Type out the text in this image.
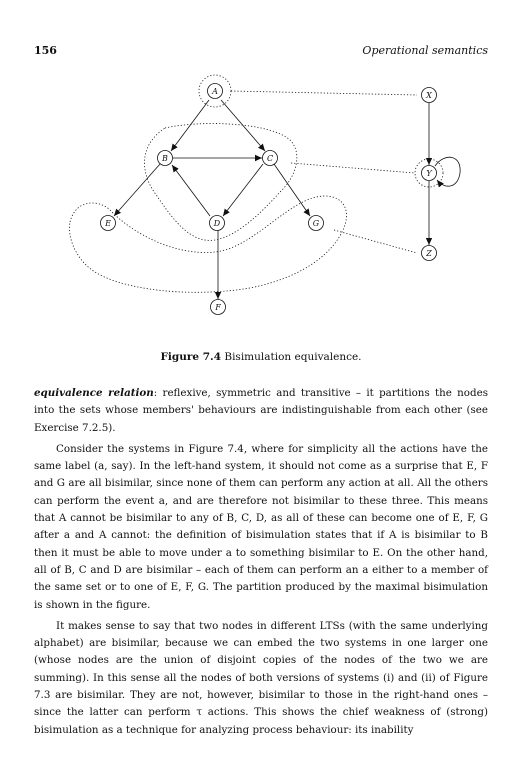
156	Operational semantics
A
B	C
D
E	G
F
X
Y
Z
Figure 7.4 Bisimulation equivalence.

equivalence relation: reflexive, symmetric and transitive – it partitions the nodes into the sets whose members' behaviours are indistinguishable from each other (see Exercise 7.2.5).

Consider the systems in Figure 7.4, where for simplicity all the actions have the same label (a, say). In the left-hand system, it should not come as a surprise that E, F and G are all bisimilar, since none of them can perform any action at all. All the others can perform the event a, and are therefore not bisimilar to these three. This means that A cannot be bisimilar to any of B, C, D, as all of these can become one of E, F, G after a and A cannot: the definition of bisimulation states that if A is bisimilar to B then it must be able to move under a to something bisimilar to E. On the other hand, all of B, C and D are bisimilar – each of them can perform an a either to a member of the same set or to one of E, F, G. The partition produced by the maximal bisimulation is shown in the figure.

It makes sense to say that two nodes in different LTSs (with the same underlying alphabet) are bisimilar, because we can embed the two systems in one larger one (whose nodes are the union of disjoint copies of the nodes of the two we are summing). In this sense all the nodes of both versions of systems (i) and (ii) of Figure 7.3 are bisimilar. They are not, however, bisimilar to those in the right-hand ones – since the latter can perform τ actions. This shows the chief weakness of (strong) bisimulation as a technique for analyzing process behaviour: its inability
